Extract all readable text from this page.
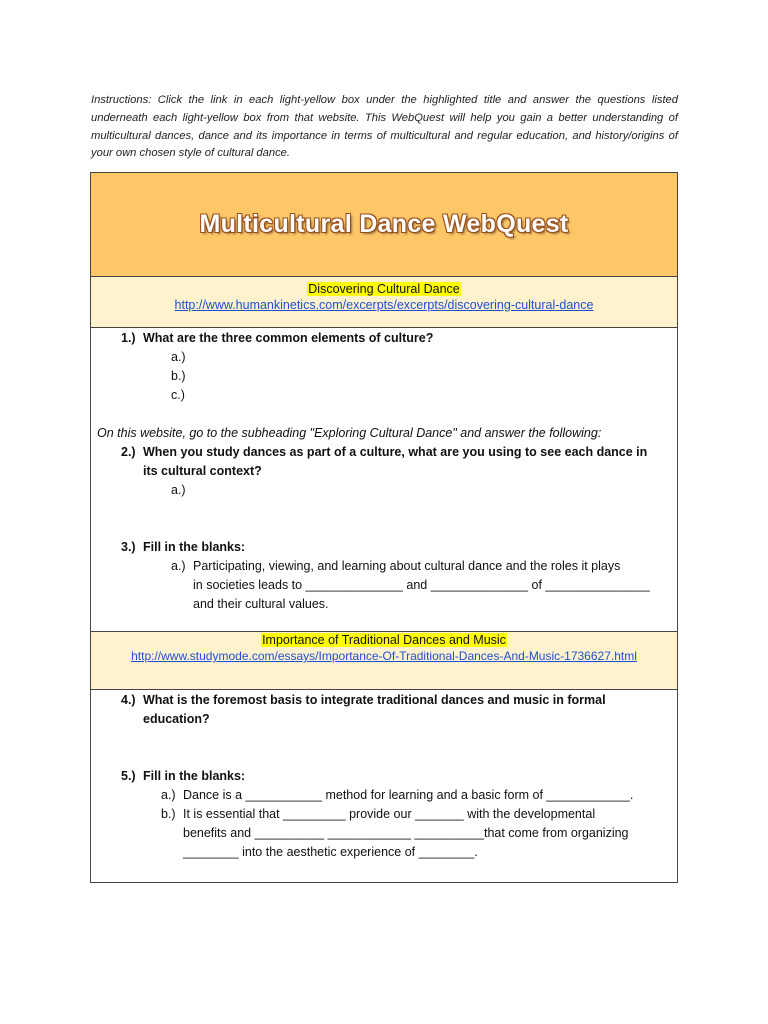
Instructions: Click the link in each light-yellow box under the highlighted title and answer the questions listed underneath each light-yellow box from that website. This WebQuest will help you gain a better understanding of multicultural dances, dance and its importance in terms of multicultural and regular education, and history/origins of your own chosen style of cultural dance.
Multicultural Dance WebQuest
Discovering Cultural Dance
http://www.humankinetics.com/excerpts/excerpts/discovering-cultural-dance
1.) What are the three common elements of culture?
a.)
b.)
c.)
On this website, go to the subheading "Exploring Cultural Dance" and answer the following:
2.) When you study dances as part of a culture, what are you using to see each dance in
its cultural context?
a.)
3.) Fill in the blanks:
a.) Participating, viewing, and learning about cultural dance and the roles it plays
in societies leads to ______________ and ______________ of _______________
and their cultural values.
Importance of Traditional Dances and Music
http://www.studymode.com/essays/Importance-Of-Traditional-Dances-And-Music-1736627.html
4.) What is the foremost basis to integrate traditional dances and music in formal
education?
5.) Fill in the blanks:
a.) Dance is a ___________ method for learning and a basic form of ____________.
b.) It is essential that _________ provide our _______ with the developmental
benefits and __________ ____________ __________that come from organizing
________ into the aesthetic experience of ________.
